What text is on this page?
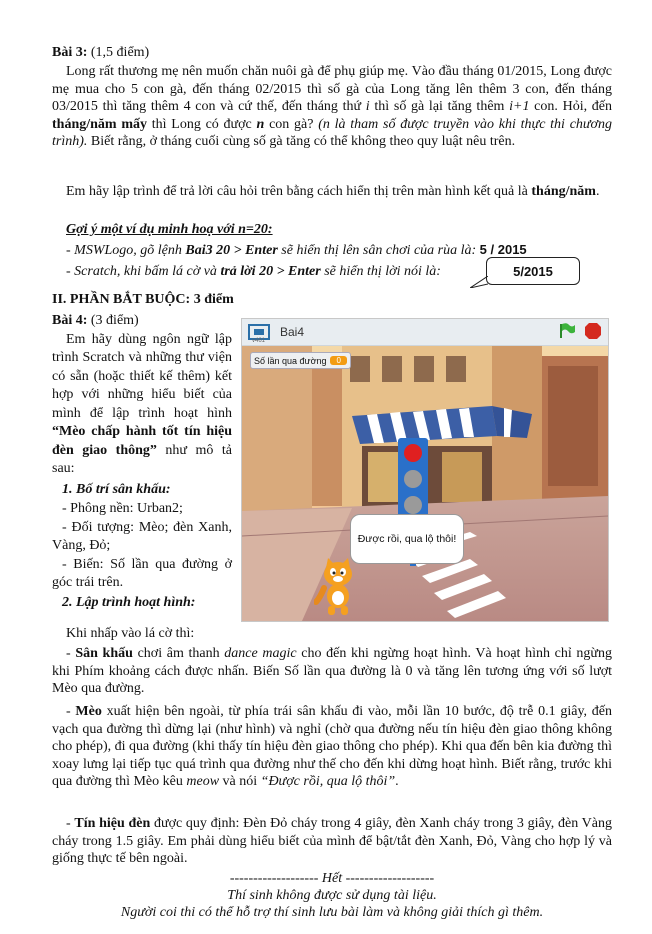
Bài 3: (1,5 điểm)

Long rất thương mẹ nên muốn chăn nuôi gà để phụ giúp mẹ. Vào đầu tháng 01/2015, Long được mẹ mua cho 5 con gà, đến tháng 02/2015 thì số gà của Long tăng lên thêm 3 con, đến tháng 03/2015 thì tăng thêm 4 con và cứ thế, đến tháng thứ i thì số gà lại tăng thêm i+1 con. Hỏi, đến tháng/năm mấy thì Long có được n con gà? (n là tham số được truyền vào khi thực thi chương trình). Biết rằng, ở tháng cuối cùng số gà tăng có thể không theo quy luật nêu trên.

Em hãy lập trình để trả lời câu hỏi trên bằng cách hiển thị trên màn hình kết quả là tháng/năm.

Gợi ý một ví dụ minh hoạ với n=20:

- MSWLogo, gõ lệnh Bai3 20 > Enter sẽ hiển thị lên sân chơi của rùa là: 5 / 2015

- Scratch, khi bấm lá cờ và trả lời 20 > Enter sẽ hiển thị lời nói là:	5/2015

II. PHẦN BẮT BUỘC: 3 điểm

Bài 4: (3 điểm)

Em hãy dùng ngôn ngữ lập trình Scratch và những thư viện có sẵn (hoặc thiết kế thêm) kết hợp với những hiểu biết của mình để lập trình hoạt hình “Mèo chấp hành tốt tín hiệu đèn giao thông” như mô tả sau:

1. Bố trí sân khấu:

- Phông nền: Urban2;

- Đối tượng: Mèo; đèn Xanh, Vàng, Đỏ;

- Biến: Số lần qua đường ở góc trái trên.

2. Lập trình hoạt hình:

Khi nhấp vào lá cờ thì:

- Sân khấu chơi âm thanh dance magic cho đến khi ngừng hoạt hình. Và hoạt hình chỉ ngừng khi Phím khoảng cách được nhấn. Biến Số lần qua đường là 0 và tăng lên tương ứng với số lượt Mèo qua đường.

- Mèo xuất hiện bên ngoài, từ phía trái sân khấu đi vào, mỗi lần 10 bước, độ trễ 0.1 giây, đến vạch qua đường thì dừng lại (như hình) và nghỉ (chờ qua đường nếu tín hiệu đèn giao thông không cho phép), đi qua đường (khi thấy tín hiệu đèn giao thông cho phép). Khi qua đến bên kia đường thì xoay lưng lại tiếp tục quá trình qua đường như thế cho đến khi dừng hoạt hình. Biết rằng, trước khi qua đường thì Mèo kêu meow và nói “Được rồi, qua lộ thôi”.

- Tín hiệu đèn được quy định: Đèn Đỏ cháy trong 4 giây, đèn Xanh cháy trong 3 giây, đèn Vàng cháy trong 1.5 giây. Em phải dùng hiểu biết của mình để bật/tắt đèn Xanh, Đỏ, Vàng cho hợp lý và giống thực tế bên ngoài.

------------------- Hết -------------------
Thí sinh không được sử dụng tài liệu.
Người coi thi có thể hỗ trợ thí sinh lưu bài làm và không giải thích gì thêm.
v461
Bai4
Số lần qua đường	0
Được rồi, qua lộ thôi!
